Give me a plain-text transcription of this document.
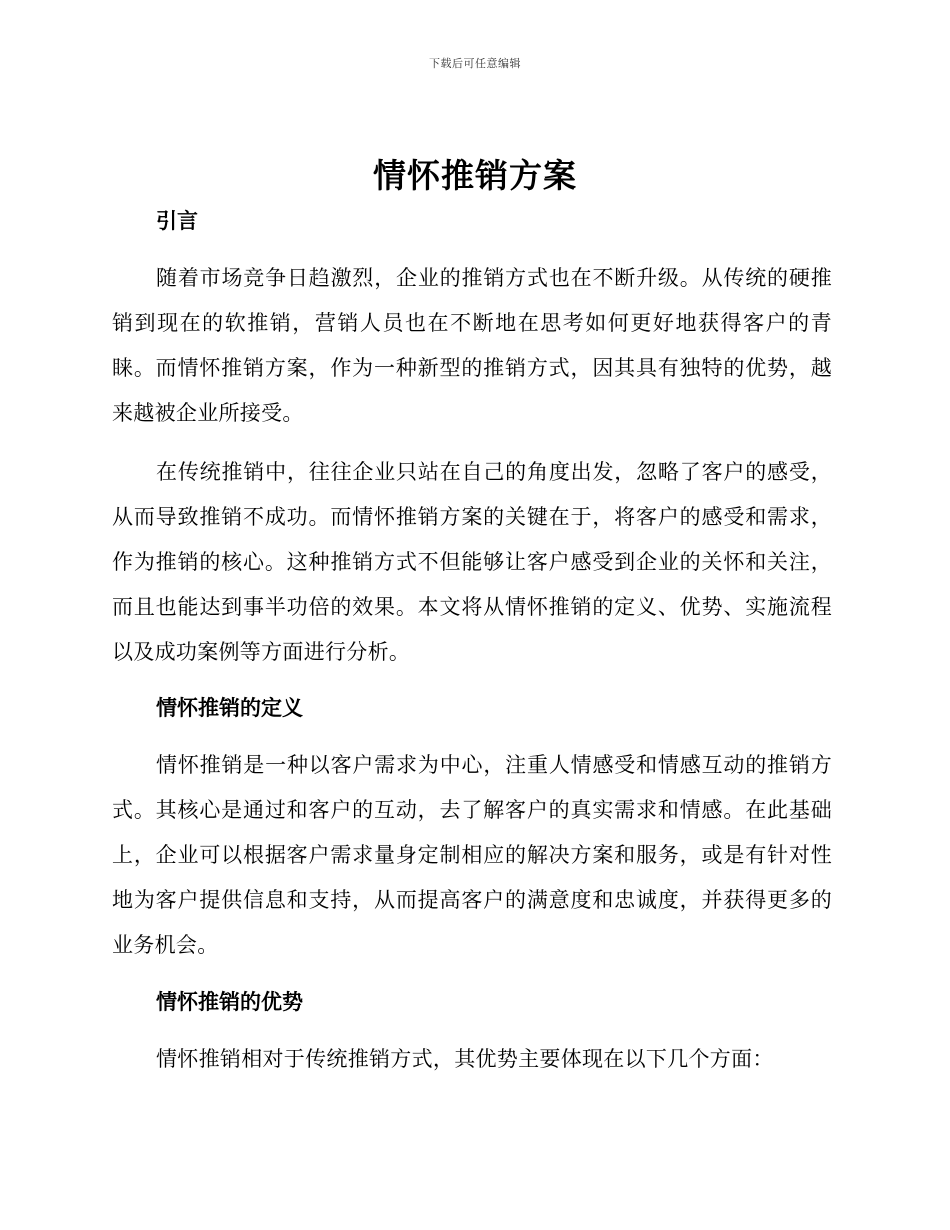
下载后可任意编辑
情怀推销方案
引言

随着市场竞争日趋激烈，企业的推销方式也在不断升级。从传统的硬推销到现在的软推销，营销人员也在不断地在思考如何更好地获得客户的青睐。而情怀推销方案，作为一种新型的推销方式，因其具有独特的优势，越来越被企业所接受。

在传统推销中，往往企业只站在自己的角度出发，忽略了客户的感受，从而导致推销不成功。而情怀推销方案的关键在于，将客户的感受和需求，作为推销的核心。这种推销方式不但能够让客户感受到企业的关怀和关注，而且也能达到事半功倍的效果。本文将从情怀推销的定义、优势、实施流程以及成功案例等方面进行分析。

情怀推销的定义

情怀推销是一种以客户需求为中心，注重人情感受和情感互动的推销方式。其核心是通过和客户的互动，去了解客户的真实需求和情感。在此基础上，企业可以根据客户需求量身定制相应的解决方案和服务，或是有针对性地为客户提供信息和支持，从而提高客户的满意度和忠诚度，并获得更多的业务机会。

情怀推销的优势

情怀推销相对于传统推销方式，其优势主要体现在以下几个方面：
